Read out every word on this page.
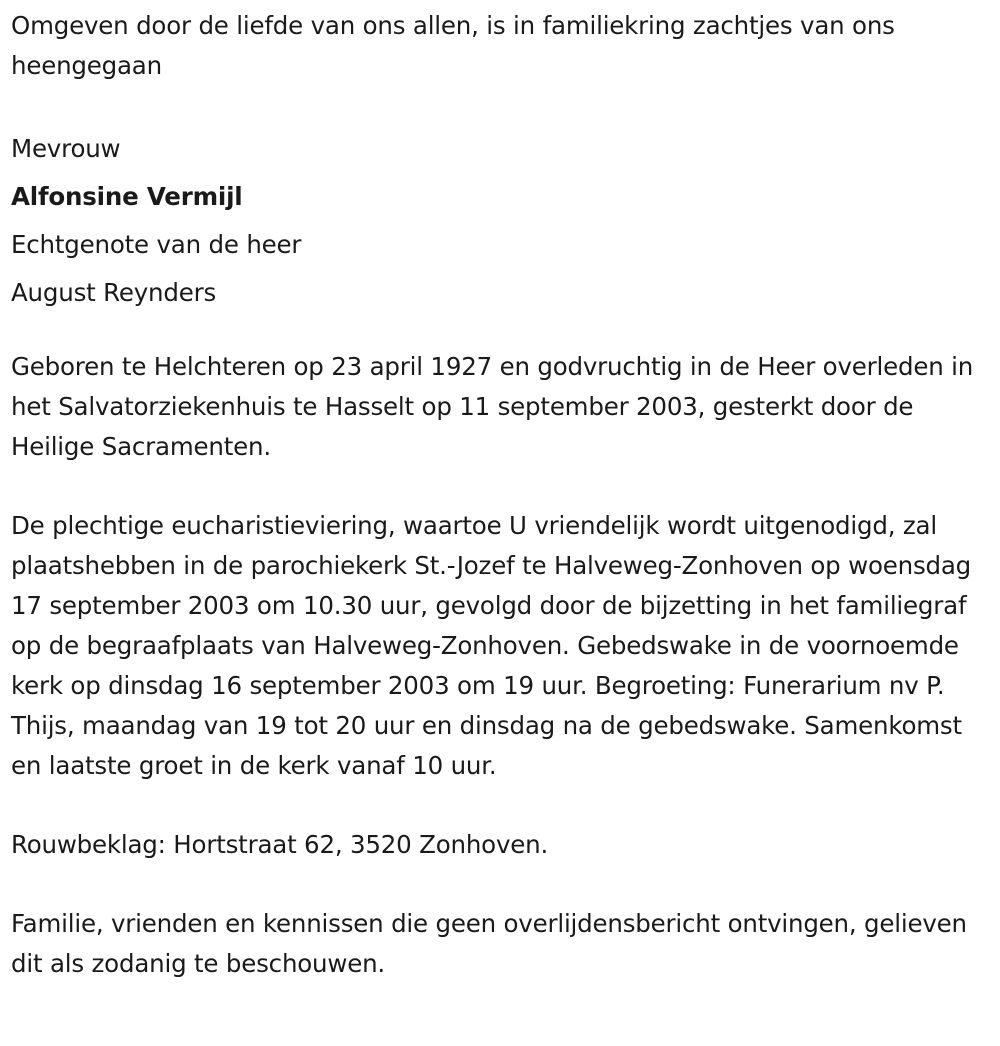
Omgeven door de liefde van ons allen, is in familiekring zachtjes van ons heengegaan

Mevrouw

Alfonsine Vermijl

Echtgenote van de heer

August Reynders

Geboren te Helchteren op 23 april 1927 en godvruchtig in de Heer overleden in het Salvatorziekenhuis te Hasselt op 11 september 2003, gesterkt door de Heilige Sacramenten.

De plechtige eucharistieviering, waartoe U vriendelijk wordt uitgenodigd, zal plaatshebben in de parochiekerk St.-Jozef te Halveweg-Zonhoven op woensdag 17 september 2003 om 10.30 uur, gevolgd door de bijzetting in het familiegraf op de begraafplaats van Halveweg-Zonhoven. Gebedswake in de voornoemde kerk op dinsdag 16 september 2003 om 19 uur. Begroeting: Funerarium nv P. Thijs, maandag van 19 tot 20 uur en dinsdag na de gebedswake. Samenkomst en laatste groet in de kerk vanaf 10 uur.

Rouwbeklag: Hortstraat 62, 3520 Zonhoven.

Familie, vrienden en kennissen die geen overlijdensbericht ontvingen, gelieven dit als zodanig te beschouwen.
